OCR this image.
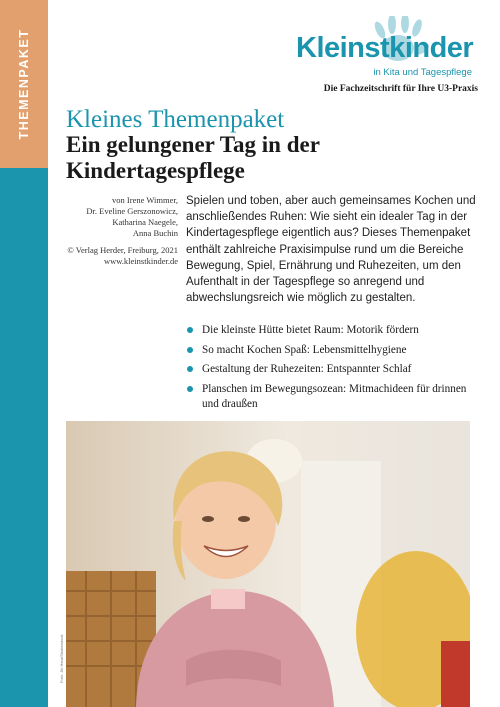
THEMENPAKET	Kleinstkinder
in Kita und Tagespflege
Die Fachzeitschrift für Ihre U3-Praxis
Kleines Themenpaket
Ein gelungener Tag in der
Kindertagespflege
von Irene Wimmer,
Dr. Eveline Gerszonowicz,
Katharina Naegele,
Anna Buchin
© Verlag Herder, Freiburg, 2021
www.kleinstkinder.de

Spielen und toben, aber auch gemeinsames Kochen und anschließendes Ruhen: Wie sieht ein idealer Tag in der Kindertagespflege eigentlich aus? Dieses Themenpaket enthält zahlreiche Praxisimpulse rund um die Bereiche Bewegung, Spiel, Ernährung und Ruhezeiten, um den Aufenthalt in der Tagespflege so anregend und abwechslungsreich wie möglich zu gestalten.

Die kleinste Hütte bietet Raum: Motorik fördern
So macht Kochen Spaß: Lebensmittelhygiene
Gestaltung der Ruhezeiten: Entspannter Schlaf
Planschen im Bewegungsozean: Mitmachideen für drinnen und draußen
Foto: Jiri Hera/Shutterstock
